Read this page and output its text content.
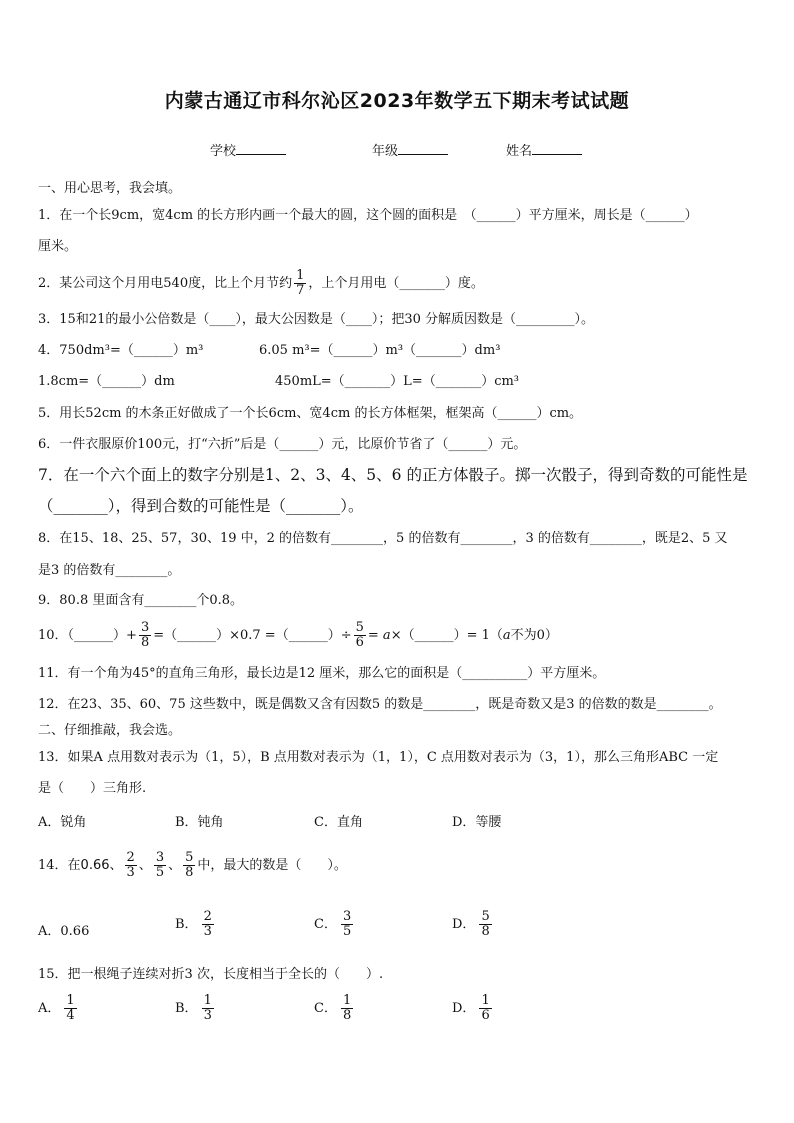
内蒙古通辽市科尔沁区2023年数学五下期末考试试题
学校	年级	姓名
一、用心思考，我会填。
1．在一个长9cm，宽4cm 的长方形内画一个最大的圆，这个圆的面积是　（______）平方厘米，周长是（______）
厘米。
2．某公司这个月用电540度，比上个月节约 $\frac{1}{7}$ ，上个月用电（_______）度。
3．15和21的最小公倍数是（____），最大公因数是（____）；把30 分解质因数是（_________）。
4．750dm³=（______）m³	6.05 m³=（______）m³（_______）dm³
1.8cm=（______）dm	450mL=（_______）L=（_______）cm³
5．用长52cm 的木条正好做成了一个长6cm、宽4cm 的长方体框架，框架高（______）cm。
6．一件衣服原价100元，打“六折”后是（______）元，比原价节省了（______）元。
7．在一个六个面上的数字分别是1、2、3、4、5、6 的正方体骰子。掷一次骰子，得到奇数的可能性是
（_______），得到合数的可能性是（_______）。
8．在15、18、25、57，30、19 中，2 的倍数有________，5 的倍数有________，3 的倍数有________，既是2、5 又
是3 的倍数有________。
9．80.8 里面含有________个0.8。
10．（______）+ $\frac{3}{8}$ =（______）×0.7 =（______）÷ $\frac{5}{6}$ = a×（______）= 1（a不为0）
11．有一个角为45°的直角三角形，最长边是12 厘米，那么它的面积是（__________）平方厘米。
12．在23、35、60、75 这些数中，既是偶数又含有因数5 的数是________，既是奇数又是3 的倍数的数是________。
二、仔细推敲，我会选。
13．如果A 点用数对表示为（1，5），B 点用数对表示为（1，1），C 点用数对表示为（3，1），那么三角形ABC 一定
是（　　）三角形.
A．锐角	B．钝角	C．直角	D．等腰
14．在0.66、 $\frac{2}{3}$ 、 $\frac{3}{5}$ 、 $\frac{5}{8}$ 中，最大的数是（　　）。
A．0.66	B． $\frac{2}{3}$	C． $\frac{3}{5}$	D． $\frac{5}{8}$
15．把一根绳子连续对折3 次，长度相当于全长的（　　）.
A． $\frac{1}{4}$	B． $\frac{1}{3}$	C． $\frac{1}{8}$	D． $\frac{1}{6}$
